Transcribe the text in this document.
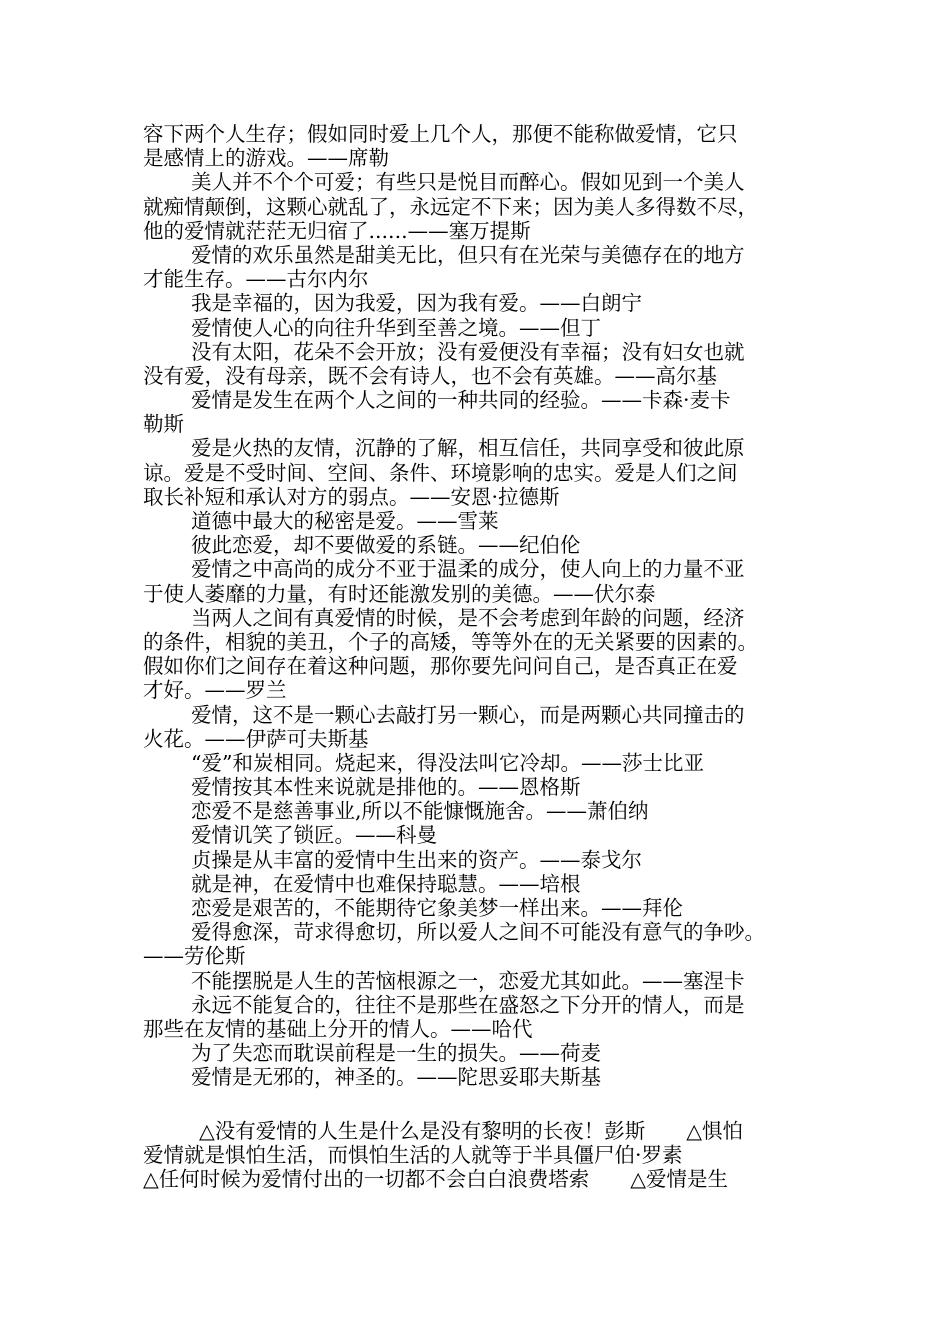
容下两个人生存；假如同时爱上几个人，那便不能称做爱情，它只
是感情上的游戏。——席勒
美人并不个个可爱；有些只是悦目而醉心。假如见到一个美人
就痴情颠倒，这颗心就乱了，永远定不下来；因为美人多得数不尽，
他的爱情就茫茫无归宿了......——塞万提斯
爱情的欢乐虽然是甜美无比，但只有在光荣与美德存在的地方
才能生存。——古尔内尔
我是幸福的，因为我爱，因为我有爱。——白朗宁
爱情使人心的向往升华到至善之境。——但丁
没有太阳，花朵不会开放；没有爱便没有幸福；没有妇女也就
没有爱，没有母亲，既不会有诗人，也不会有英雄。——高尔基
爱情是发生在两个人之间的一种共同的经验。——卡森·麦卡
勒斯
爱是火热的友情，沉静的了解，相互信任，共同享受和彼此原
谅。爱是不受时间、空间、条件、环境影响的忠实。爱是人们之间
取长补短和承认对方的弱点。——安恩·拉德斯
道德中最大的秘密是爱。——雪莱
彼此恋爱，却不要做爱的系链。——纪伯伦
爱情之中高尚的成分不亚于温柔的成分，使人向上的力量不亚
于使人萎靡的力量，有时还能激发别的美德。——伏尔泰
当两人之间有真爱情的时候，是不会考虑到年龄的问题，经济
的条件，相貌的美丑，个子的高矮，等等外在的无关紧要的因素的。
假如你们之间存在着这种问题，那你要先问问自己，是否真正在爱
才好。——罗兰
爱情，这不是一颗心去敲打另一颗心，而是两颗心共同撞击的
火花。——伊萨可夫斯基
“爱”和炭相同。烧起来，得没法叫它冷却。——莎士比亚
爱情按其本性来说就是排他的。——恩格斯
恋爱不是慈善事业,所以不能慷慨施舍。——萧伯纳
爱情讥笑了锁匠。——科曼
贞操是从丰富的爱情中生出来的资产。——泰戈尔
就是神，在爱情中也难保持聪慧。——培根
恋爱是艰苦的，不能期待它象美梦一样出来。——拜伦
爱得愈深，苛求得愈切，所以爱人之间不可能没有意气的争吵。
——劳伦斯
不能摆脱是人生的苦恼根源之一，恋爱尤其如此。——塞涅卡
永远不能复合的，往往不是那些在盛怒之下分开的情人，而是
那些在友情的基础上分开的情人。——哈代
为了失恋而耽误前程是一生的损失。——荷麦
爱情是无邪的，神圣的。——陀思妥耶夫斯基
△没有爱情的人生是什么是没有黎明的长夜！彭斯　　△惧怕
爱情就是惧怕生活，而惧怕生活的人就等于半具僵尸伯·罗素
△任何时候为爱情付出的一切都不会白白浪费塔索　　△爱情是生
